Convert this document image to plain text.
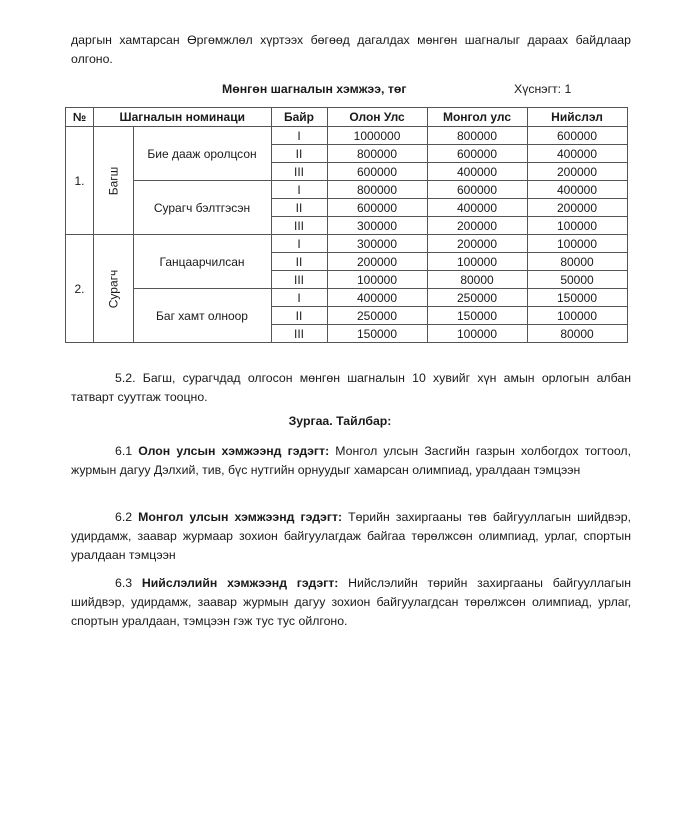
даргын хамтарсан Өргөмжлөл хүртээх бөгөөд дагалдах мөнгөн шагналыг дараах байдлаар олгоно.
Мөнгөн шагналын хэмжээ, төг	Хүснэгт: 1
№	Шагналын номинаци		Байр	Олон Улс	Монгол улс	Нийслэл
1.	Багш	Бие дааж оролцсон	I	1000000	800000	600000
			II	800000	600000	400000
			III	600000	400000	200000
		Сурагч бэлтгэсэн	I	800000	600000	400000
			II	600000	400000	200000
			III	300000	200000	100000
2.	Сурагч	Ганцаарчилсан	I	300000	200000	100000
			II	200000	100000	80000
			III	100000	80000	50000
		Баг хамт олноор	I	400000	250000	150000
			II	250000	150000	100000
			III	150000	100000	80000
5.2. Багш, сурагчдад олгосон мөнгөн шагналын 10 хувийг хүн амын орлогын албан татварт суутгаж тооцно.
Зургаа. Тайлбар:
6.1 Олон улсын хэмжээнд гэдэгт: Монгол улсын Засгийн газрын холбогдох тогтоол, журмын дагуу Дэлхий, тив, бүс нутгийн орнуудыг хамарсан олимпиад, уралдаан тэмцээн
6.2 Монгол улсын хэмжээнд гэдэгт: Төрийн захиргааны төв байгууллагын шийдвэр, удирдамж, заавар журмаар зохион байгуулагдаж байгаа төрөлжсөн олимпиад, урлаг, спортын уралдаан тэмцээн
6.3 Нийслэлийн хэмжээнд гэдэгт: Нийслэлийн төрийн захиргааны байгууллагын шийдвэр, удирдамж, заавар журмын дагуу зохион байгуулагдсан төрөлжсөн олимпиад, урлаг, спортын уралдаан, тэмцээн гэж тус тус ойлгоно.
